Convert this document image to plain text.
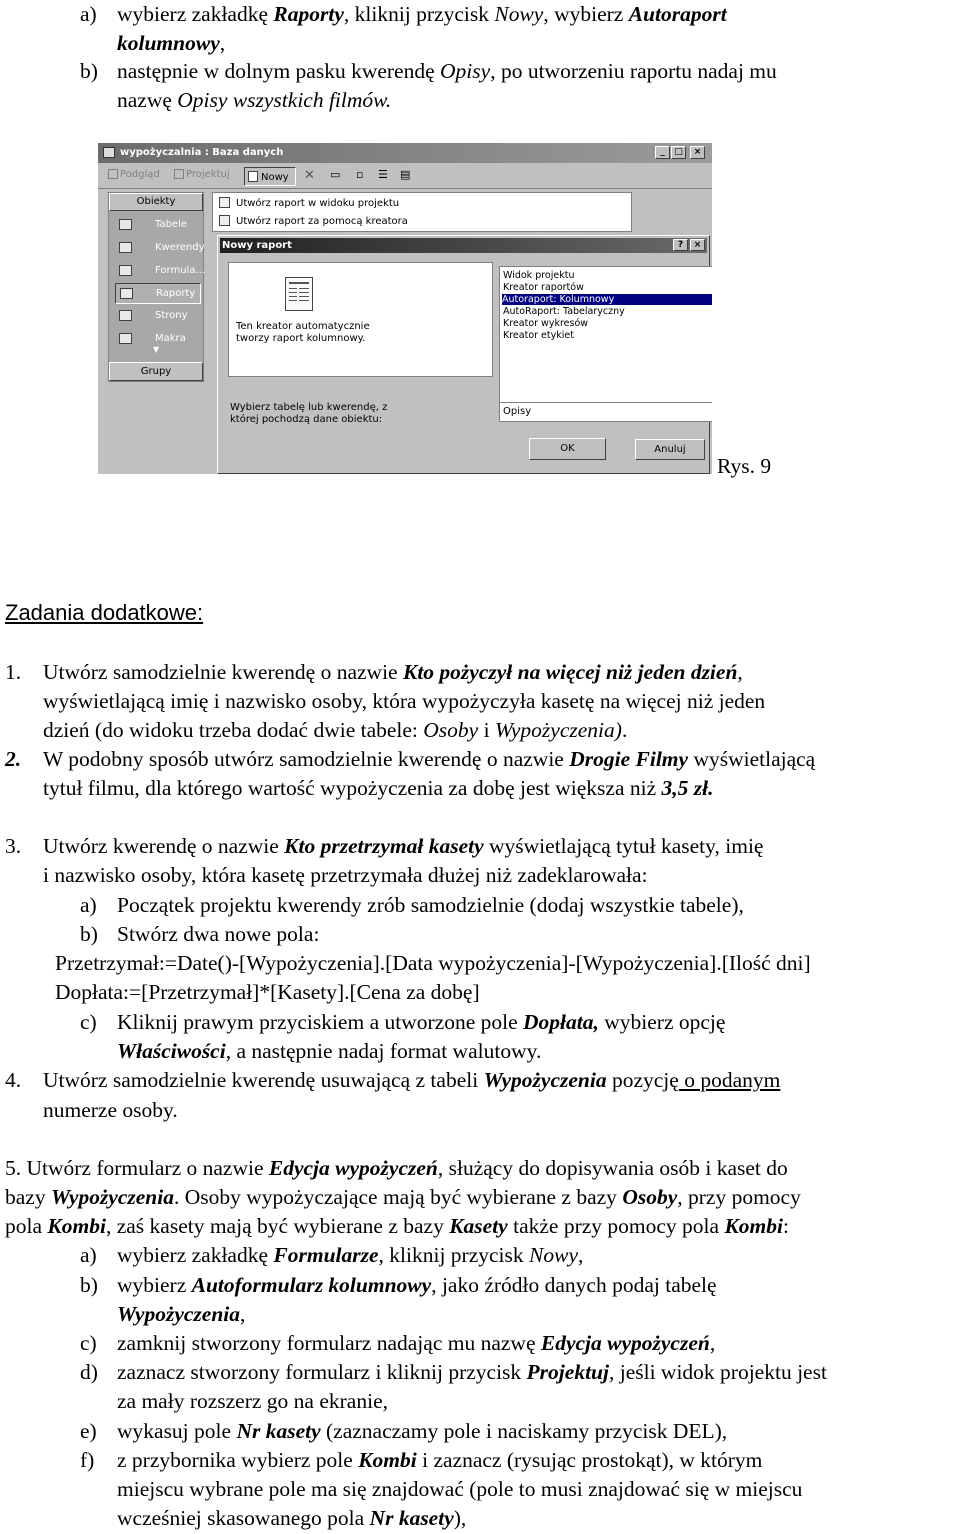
a) wybierz zakładkę Raporty, kliknij przycisk Nowy, wybierz Autoraport
kolumnowy,
b) następnie w dolnym pasku kwerendę Opisy, po utworzeniu raportu nadaj mu
nazwę Opisy wszystkich filmów.
wypożyczalnia : Baza danych	_	□	×
Podgląd	Projektuj	Nowy	✕ ▭ ▫ ☰ ▤
Obiekty
Tabele
Kwerendy
Formula...
Raporty
Strony
Makra
▼
Grupy
Utwórz raport w widoku projektu
Utwórz raport za pomocą kreatora
Nowy raport	?	×
Ten kreator automatycznie
tworzy raport kolumnowy.
Widok projektu
Kreator raportów
Autoraport: Kolumnowy
AutoRaport: Tabelaryczny
Kreator wykresów
Kreator etykiet
Wybierz tabelę lub kwerendę, z
której pochodzą dane obiektu:
Opisy
Anuluj
OK
Rys. 9
Zadania dodatkowe:
1. Utwórz samodzielnie kwerendę o nazwie Kto pożyczył na więcej niż jeden dzień,
wyświetlającą imię i nazwisko osoby, która wypożyczyła kasetę na więcej niż jeden
dzień (do widoku trzeba dodać dwie tabele: Osoby i Wypożyczenia).
2. W podobny sposób utwórz samodzielnie kwerendę o nazwie Drogie Filmy wyświetlającą
tytuł filmu, dla którego wartość wypożyczenia za dobę jest większa niż 3,5 zł.
3. Utwórz kwerendę o nazwie Kto przetrzymał kasety wyświetlającą tytuł kasety, imię
i nazwisko osoby, która kasetę przetrzymała dłużej niż zadeklarowała:
a) Początek projektu kwerendy zrób samodzielnie (dodaj wszystkie tabele),
b) Stwórz dwa nowe pola:
Przetrzymał:=Date()-[Wypożyczenia].[Data wypożyczenia]-[Wypożyczenia].[Ilość dni]
Dopłata:=[Przetrzymał]*[Kasety].[Cena za dobę]
c) Kliknij prawym przyciskiem a utworzone pole Dopłata, wybierz opcję
Właściwości, a następnie nadaj format walutowy.
4. Utwórz samodzielnie kwerendę usuwającą z tabeli Wypożyczenia pozycję o podanym
numerze osoby.
5. Utwórz formularz o nazwie Edycja wypożyczeń, służący do dopisywania osób i kaset do
bazy Wypożyczenia. Osoby wypożyczające mają być wybierane z bazy Osoby, przy pomocy
pola Kombi, zaś kasety mają być wybierane z bazy Kasety także przy pomocy pola Kombi:
a) wybierz zakładkę Formularze, kliknij przycisk Nowy,
b) wybierz Autoformularz kolumnowy, jako źródło danych podaj tabelę
Wypożyczenia,
c) zamknij stworzony formularz nadając mu nazwę Edycja wypożyczeń,
d) zaznacz stworzony formularz i kliknij przycisk Projektuj, jeśli widok projektu jest
za mały rozszerz go na ekranie,
e) wykasuj pole Nr kasety (zaznaczamy pole i naciskamy przycisk DEL),
f) z przybornika wybierz pole Kombi i zaznacz (rysując prostokąt), w którym
miejscu wybrane pole ma się znajdować (pole to musi znajdować się w miejscu
wcześniej skasowanego pola Nr kasety),
